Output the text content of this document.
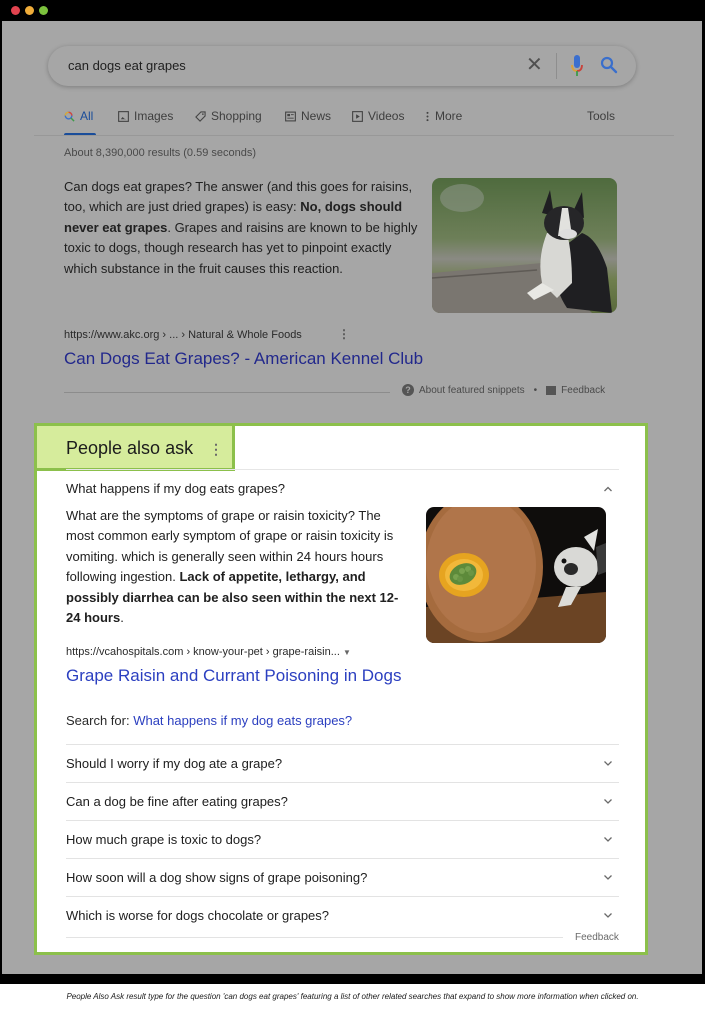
can dogs eat grapes	✕
All	Images	Shopping	News	Videos	More	Tools
About 8,390,000 results (0.59 seconds)
Can dogs eat grapes? The answer (and this goes for raisins, too, which are just dried grapes) is easy: No, dogs should never eat grapes. Grapes and raisins are known to be highly toxic to dogs, though research has yet to pinpoint exactly which substance in the fruit causes this reaction.
https://www.akc.org › ... › Natural & Whole Foods	⋮
Can Dogs Eat Grapes? - American Kennel Club
? About featured snippets • Feedback
People also ask ⋮
What happens if my dog eats grapes?
What are the symptoms of grape or raisin toxicity? The most common early symptom of grape or raisin toxicity is vomiting. which is generally seen within 24 hours hours following ingestion. Lack of appetite, lethargy, and possibly diarrhea can be also seen within the next 12-24 hours.
https://vcahospitals.com › know-your-pet › grape-raisin... ▼
Grape Raisin and Currant Poisoning in Dogs
Search for: What happens if my dog eats grapes?
Should I worry if my dog ate a grape?
Can a dog be fine after eating grapes?
How much grape is toxic to dogs?
How soon will a dog show signs of grape poisoning?
Which is worse for dogs chocolate or grapes?
Feedback
People Also Ask result type for the question 'can dogs eat grapes' featuring a list of other related searches that expand to show more information when clicked on.
